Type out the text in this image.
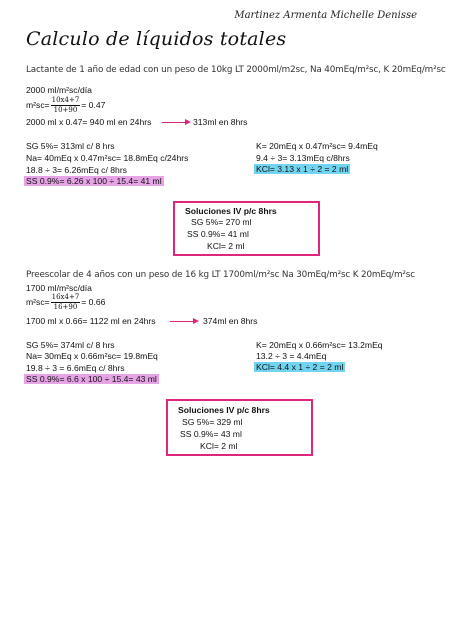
Martinez Armenta Michelle Denisse
Calculo de líquidos totales
Lactante de 1 año de edad con un peso de 10kg LT 2000ml/m2sc, Na 40mEq/m²sc, K 20mEq/m²sc
2000 ml/m²sc/día
$m^2sc= \frac{10x4+7}{10+90} = 0.47$
2000 ml x 0.47= 940 ml en 24hrs	313ml en 8hrs
SG 5%= 313ml c/ 8 hrs
Na= 40mEq x 0.47m²sc= 18.8mEq c/24hrs
18.8 ÷ 3= 6.26mEq c/ 8hrs
SS 0.9%= 6.26 x 100 ÷ 15.4= 41 ml
K= 20mEq x 0.47m²sc= 9.4mEq
9.4 ÷ 3= 3.13mEq c/8hrs
KCl= 3.13 x 1 ÷ 2 = 2 ml
Soluciones IV p/c 8hrs
SG 5%= 270 ml
SS 0.9%= 41 ml
KCl= 2 ml
Preescolar de 4 años con un peso de 16 kg LT 1700ml/m²sc Na 30mEq/m²sc K 20mEq/m²sc
1700 ml/m²sc/día
$m^2sc= \frac{16x4+7}{16+90} = 0.66$
1700 ml x 0.66= 1122 ml en 24hrs	374ml en 8hrs
SG 5%= 374ml c/ 8 hrs
Na= 30mEq x 0.66m²sc= 19.8mEq
19.8 ÷ 3 = 6.6mEq c/ 8hrs
SS 0.9%= 6.6 x 100 ÷ 15.4= 43 ml
K= 20mEq x 0.66m²sc= 13.2mEq
13.2 ÷ 3 = 4.4mEq
KCl= 4.4 x 1 ÷ 2 = 2 ml
Soluciones IV p/c 8hrs
SG 5%= 329 ml
SS 0.9%= 43 ml
KCl= 2 ml
